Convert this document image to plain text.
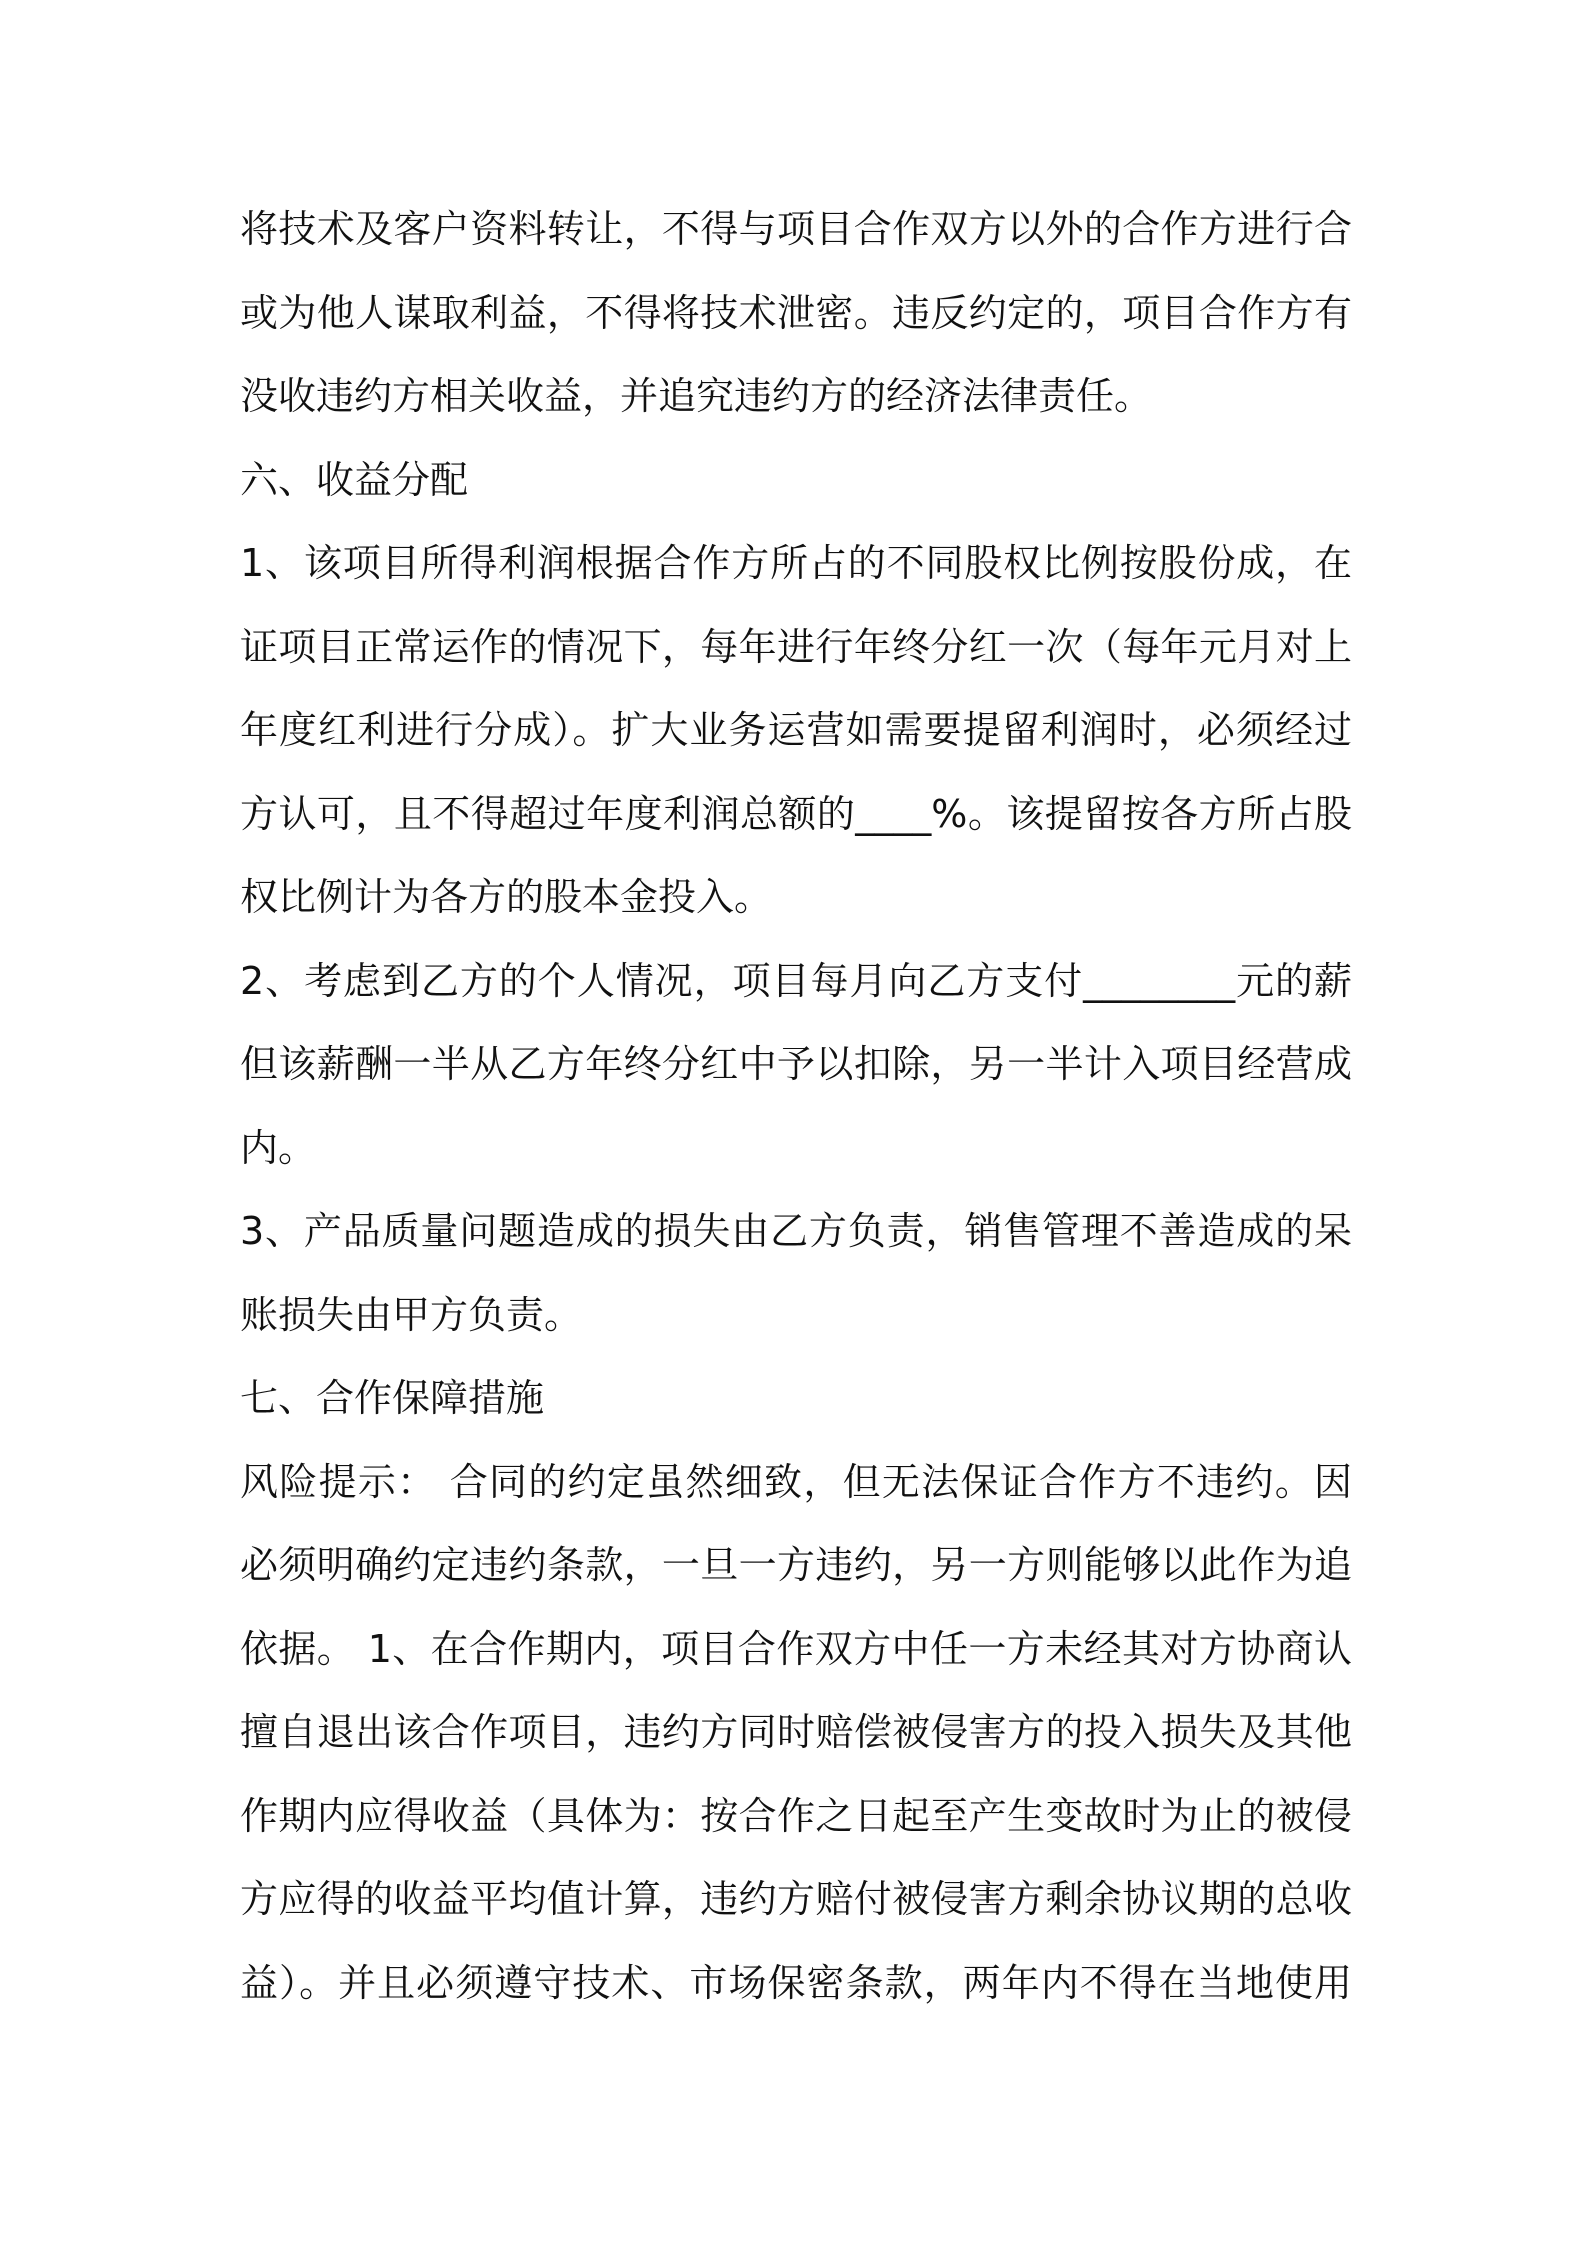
将技术及客户资料转让，不得与项目合作双方以外的合作方进行合
或为他人谋取利益，不得将技术泄密。违反约定的，项目合作方有
没收违约方相关收益，并追究违约方的经济法律责任。
六、收益分配
1、该项目所得利润根据合作方所占的不同股权比例按股份成，在
证项目正常运作的情况下，每年进行年终分红一次（每年元月对上
年度红利进行分成）。扩大业务运营如需要提留利润时，必须经过
方认可，且不得超过年度利润总额的____%。该提留按各方所占股
权比例计为各方的股本金投入。
2、考虑到乙方的个人情况，项目每月向乙方支付________元的薪
但该薪酬一半从乙方年终分红中予以扣除，另一半计入项目经营成
内。
3、产品质量问题造成的损失由乙方负责，销售管理不善造成的呆
账损失由甲方负责。
七、合作保障措施
风险提示： 合同的约定虽然细致，但无法保证合作方不违约。因
必须明确约定违约条款，一旦一方违约，另一方则能够以此作为追
依据。 1、在合作期内，项目合作双方中任一方未经其对方协商认
擅自退出该合作项目，违约方同时赔偿被侵害方的投入损失及其他
作期内应得收益（具体为：按合作之日起至产生变故时为止的被侵
方应得的收益平均值计算，违约方赔付被侵害方剩余协议期的总收
益）。并且必须遵守技术、市场保密条款，两年内不得在当地使用
